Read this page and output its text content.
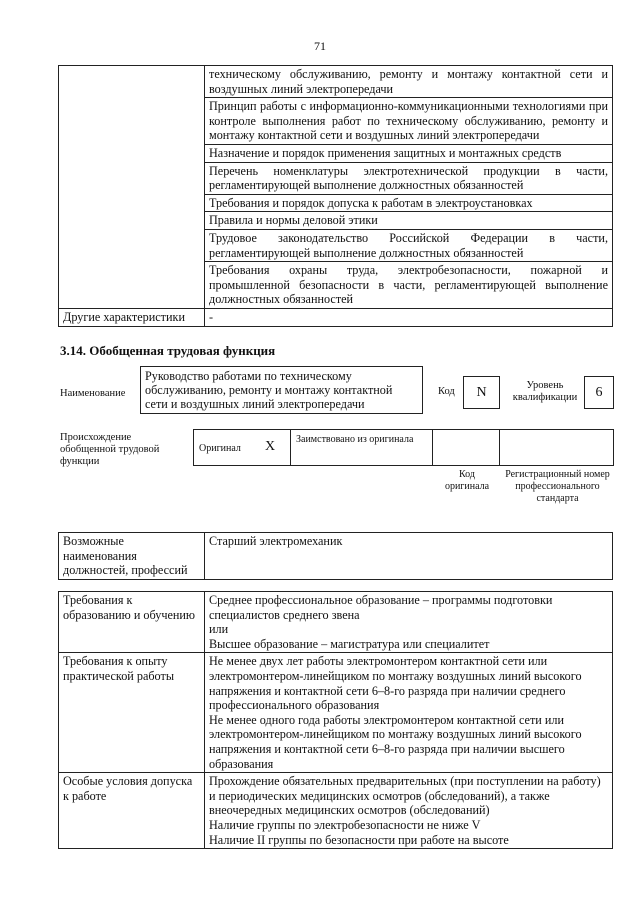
71
	техническому обслуживанию, ремонту и монтажу контактной сети и воздушных линий электропередачи
	Принцип работы с информационно-коммуникационными технологиями при контроле выполнения работ по техническому обслуживанию, ремонту и монтажу контактной сети и воздушных линий электропередачи
	Назначение и порядок применения защитных и монтажных средств
	Перечень номенклатуры электротехнической продукции в части, регламентирующей выполнение должностных обязанностей
	Требования и порядок допуска к работам в электроустановках
	Правила и нормы деловой этики
	Трудовое законодательство Российской Федерации в части, регламентирующей выполнение должностных обязанностей
	Требования охраны труда, электробезопасности, пожарной и промышленной безопасности в части, регламентирующей выполнение должностных обязанностей
Другие характеристики	-
3.14. Обобщенная трудовая функция
Наименование
Руководство работами по техническому обслуживанию, ремонту и монтажу контактной сети и воздушных линий электропередачи
Код	N	Уровень квалификации	6
Происхождение обобщенной трудовой функции
Оригинал X Заимствовано из оригинала
Код оригинала
Регистрационный номер профессионального стандарта
Возможные наименования должностей, профессий	Старший электромеханик
Требования к образованию и обучению	Среднее профессиональное образование – программы подготовки специалистов среднего звена
или
Высшее образование – магистратура или специалитет

Требования к опыту практической работы	Не менее двух лет работы электромонтером контактной сети или электромонтером-линейщиком по монтажу воздушных линий высокого напряжения и контактной сети 6–8-го разряда при наличии среднего профессионального образования
Не менее одного года работы электромонтером контактной сети или электромонтером-линейщиком по монтажу воздушных линий высокого напряжения и контактной сети 6–8-го разряда при наличии высшего образования

Особые условия допуска к работе	Прохождение обязательных предварительных (при поступлении на работу) и периодических медицинских осмотров (обследований), а также внеочередных медицинских осмотров (обследований)
Наличие группы по электробезопасности не ниже V
Наличие II группы по безопасности при работе на высоте
